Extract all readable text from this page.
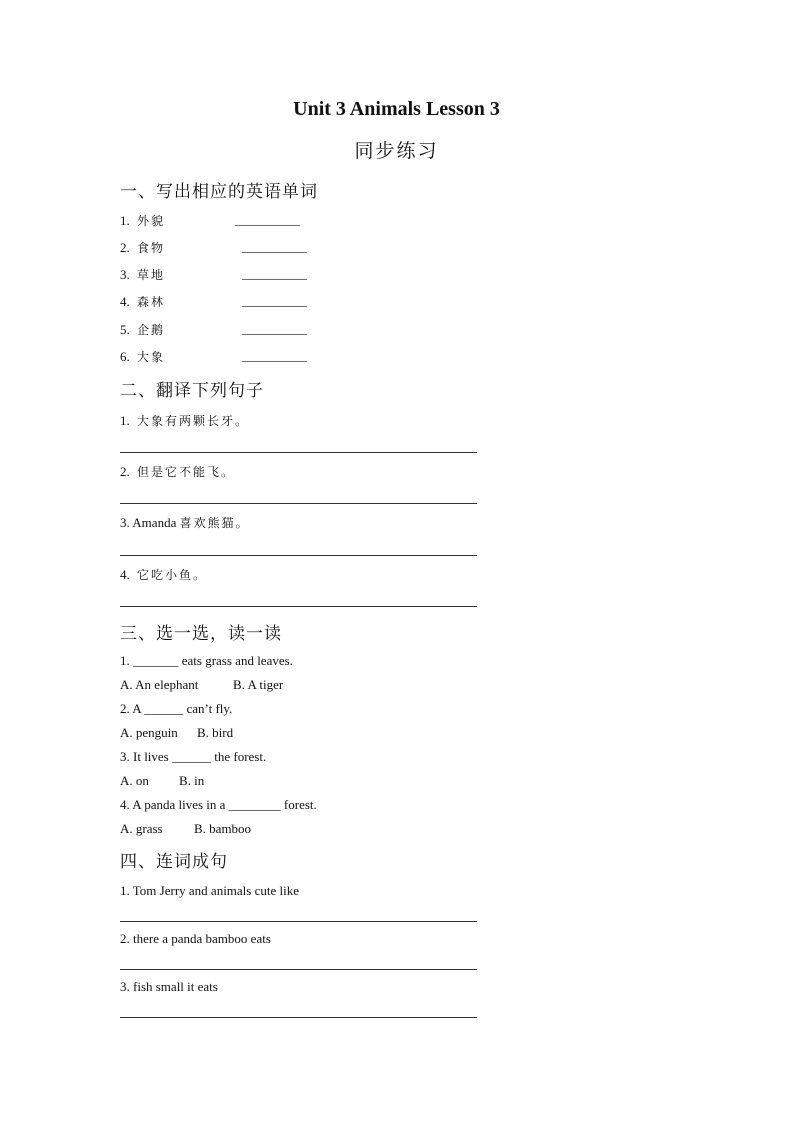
Unit 3 Animals Lesson 3
同步练习
一、写出相应的英语单词
1. 外貌	__________
2. 食物	__________
3. 草地	__________
4. 森林	__________
5. 企鹅	__________
6. 大象	__________
二、翻译下列句子
1. 大象有两颗长牙。
2. 但是它不能飞。
3. Amanda 喜欢熊猫。
4. 它吃小鱼。
三、选一选，读一读
1. _______ eats grass and leaves.
A. An elephant	B. A tiger
2. A ______ can’t fly.
A. penguin B. bird
3. It lives ______ the forest.
A. on B. in
4. A panda lives in a ________ forest.
A. grass B. bamboo
四、连词成句
1. Tom Jerry and animals cute like
2. there a panda bamboo eats
3. fish small it eats
